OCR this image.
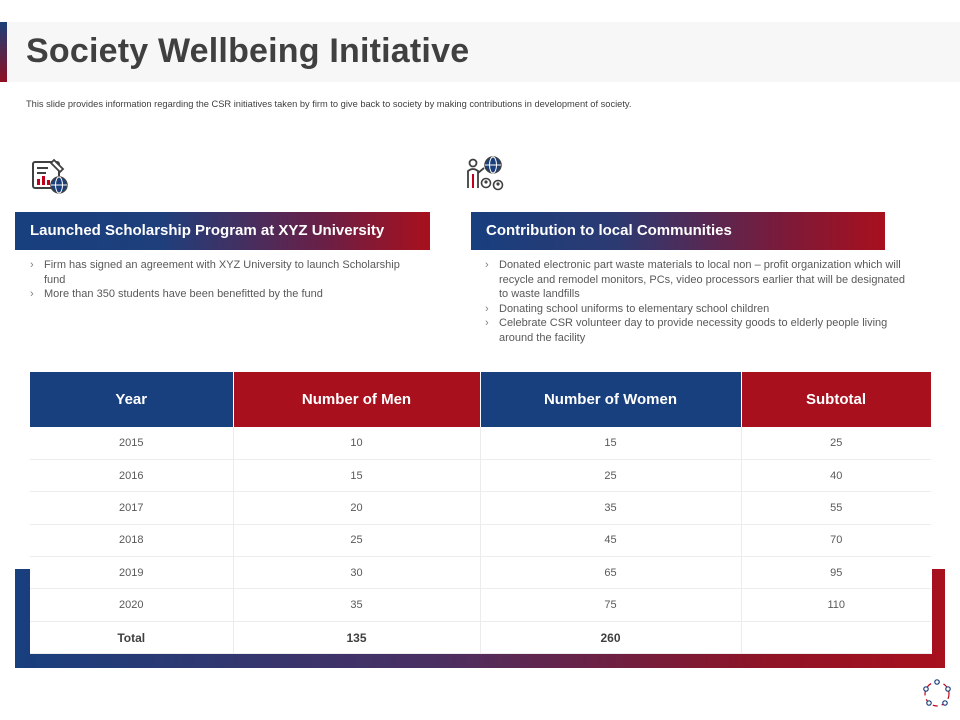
Society Wellbeing Initiative

This slide provides information regarding the CSR initiatives taken by firm to give back to society by making contributions in development of society.

Launched Scholarship Program at XYZ University
› Firm has signed an agreement with XYZ University to launch Scholarship fund
› More than 350 students have been benefitted by the fund
Contribution to local Communities
› Donated electronic part waste materials to local non – profit organization which will recycle and remodel monitors, PCs, video processors earlier that will be designated to waste landfills
› Donating school uniforms to elementary school children
› Celebrate CSR volunteer day to provide necessity goods to elderly people living around the facility
Year	Number of Men	Number of Women	Subtotal
2015	10	15	25
2016	15	25	40
2017	20	35	55
2018	25	45	70
2019	30	65	95
2020	35	75	110
Total	135	260	
